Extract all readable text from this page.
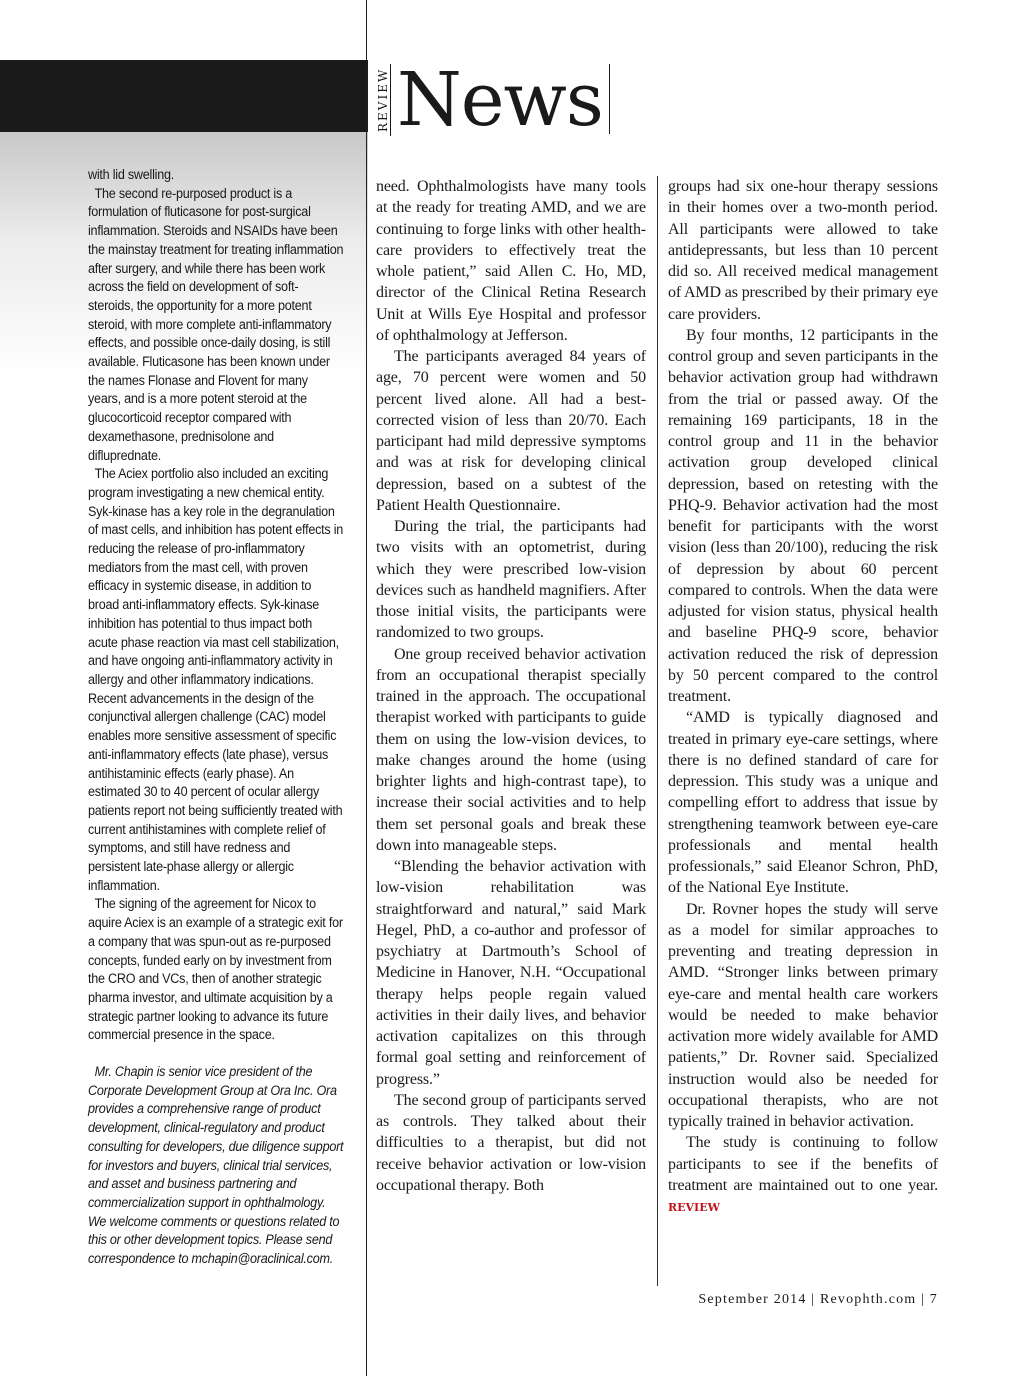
REVIEW News

with lid swelling.

The second re-purposed product is a formulation of fluticasone for post-surgical inflammation. Steroids and NSAIDs have been the mainstay treatment for treating inflammation after surgery, and while there has been work across the field on development of soft-steroids, the opportunity for a more potent steroid, with more complete anti-inflammatory effects, and possible once-daily dosing, is still available. Fluticasone has been known under the names Flonase and Flovent for many years, and is a more potent steroid at the glucocorticoid receptor compared with dexamethasone, prednisolone and difluprednate.

The Aciex portfolio also included an exciting program investigating a new chemical entity. Syk-kinase has a key role in the degranulation of mast cells, and inhibition has potent effects in reducing the release of pro-inflammatory mediators from the mast cell, with proven efficacy in systemic disease, in addition to broad anti-inflammatory effects. Syk-kinase inhibition has potential to thus impact both acute phase reaction via mast cell stabilization, and have ongoing anti-inflammatory activity in allergy and other inflammatory indications. Recent advancements in the design of the conjunctival allergen challenge (CAC) model enables more sensitive assessment of specific anti-inflammatory effects (late phase), versus antihistaminic effects (early phase). An estimated 30 to 40 percent of ocular allergy patients report not being sufficiently treated with current antihistamines with complete relief of symptoms, and still have redness and persistent late-phase allergy or allergic inflammation.

The signing of the agreement for Nicox to aquire Aciex is an example of a strategic exit for a company that was spun-out as re-purposed concepts, funded early on by investment from the CRO and VCs, then of another strategic pharma investor, and ultimate acquisition by a strategic partner looking to advance its future commercial presence in the space.

Mr. Chapin is senior vice president of the Corporate Development Group at Ora Inc. Ora provides a comprehensive range of product development, clinical-regulatory and product consulting for developers, due diligence support for investors and buyers, clinical trial services, and asset and business partnering and commercialization support in ophthalmology. We welcome comments or questions related to this or other development topics. Please send correspondence to mchapin@oraclinical.com.

need. Ophthalmologists have many tools at the ready for treating AMD, and we are continuing to forge links with other health-care providers to effectively treat the whole patient,” said Allen C. Ho, MD, director of the Clinical Retina Research Unit at Wills Eye Hospital and professor of ophthalmology at Jefferson.

The participants averaged 84 years of age, 70 percent were women and 50 percent lived alone. All had a best-corrected vision of less than 20/70. Each participant had mild depressive symptoms and was at risk for developing clinical depression, based on a subtest of the Patient Health Questionnaire.

During the trial, the participants had two visits with an optometrist, during which they were prescribed low-vision devices such as handheld magnifiers. After those initial visits, the participants were randomized to two groups.

One group received behavior activation from an occupational therapist specially trained in the approach. The occupational therapist worked with participants to guide them on using the low-vision devices, to make changes around the home (using brighter lights and high-contrast tape), to increase their social activities and to help them set personal goals and break these down into manageable steps.

“Blending the behavior activation with low-vision rehabilitation was straightforward and natural,” said Mark Hegel, PhD, a co-author and professor of psychiatry at Dartmouth’s School of Medicine in Hanover, N.H. “Occupational therapy helps people regain valued activities in their daily lives, and behavior activation capitalizes on this through formal goal setting and reinforcement of progress.”

The second group of participants served as controls. They talked about their difficulties to a therapist, but did not receive behavior activation or low-vision occupational therapy. Both

groups had six one-hour therapy sessions in their homes over a two-month period. All participants were allowed to take antidepressants, but less than 10 percent did so. All received medical management of AMD as prescribed by their primary eye care providers.

By four months, 12 participants in the control group and seven participants in the behavior activation group had withdrawn from the trial or passed away. Of the remaining 169 participants, 18 in the control group and 11 in the behavior activation group developed clinical depression, based on retesting with the PHQ-9. Behavior activation had the most benefit for participants with the worst vision (less than 20/100), reducing the risk of depression by about 60 percent compared to controls. When the data were adjusted for vision status, physical health and baseline PHQ-9 score, behavior activation reduced the risk of depression by 50 percent compared to the control treatment.

“AMD is typically diagnosed and treated in primary eye-care settings, where there is no defined standard of care for depression. This study was a unique and compelling effort to address that issue by strengthening teamwork between eye-care professionals and mental health professionals,” said Eleanor Schron, PhD, of the National Eye Institute.

Dr. Rovner hopes the study will serve as a model for similar approaches to preventing and treating depression in AMD. “Stronger links between primary eye-care and mental health care workers would be needed to make behavior activation more widely available for AMD patients,” Dr. Rovner said. Specialized instruction would also be needed for occupational therapists, who are not typically trained in behavior activation.

The study is continuing to follow participants to see if the benefits of treatment are maintained out to one year. REVIEW

September 2014 | Revophth.com | 7
